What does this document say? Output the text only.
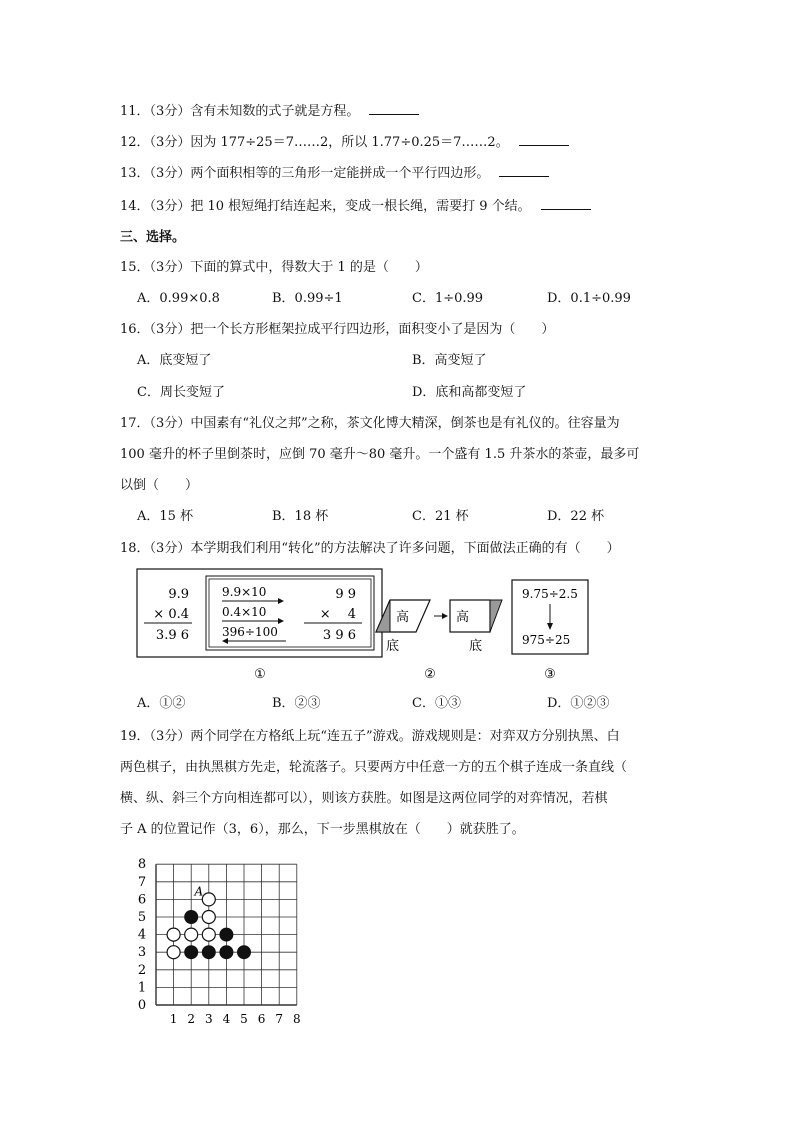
11．（3分）含有未知数的式子就是方程。
12．（3分）因为 177÷25＝7……2，所以 1.77÷0.25＝7……2。
13．（3分）两个面积相等的三角形一定能拼成一个平行四边形。
14．（3分）把 10 根短绳打结连起来，变成一根长绳，需要打 9 个结。
三、选择。
15．（3分）下面的算式中，得数大于 1 的是（　　）
A．0.99×0.8	B．0.99÷1	C．1÷0.99	D．0.1÷0.99
16．（3分）把一个长方形框架拉成平行四边形，面积变小了是因为（　　）
A．底变短了	B．高变短了
C．周长变短了	D．底和高都变短了
17．（3分）中国素有“礼仪之邦”之称，茶文化博大精深，倒茶也是有礼仪的。往容量为
100 毫升的杯子里倒茶时，应倒 70 毫升～80 毫升。一个盛有 1.5 升茶水的茶壶，最多可
以倒（　　）
A．15 杯	B．18 杯	C．21 杯	D．22 杯
18．（3分）本学期我们利用“转化”的方法解决了许多问题，下面做法正确的有（　　）
9.9
× 0.4
3.9 6
9.9×10
0.4×10
396÷100
9 9
×　 4
3 9 6
高
底
高
底
9.75÷2.5
975÷25
①	②	③
A．①②	B．②③	C．①③	D．①②③
19．（3分）两个同学在方格纸上玩“连五子”游戏。游戏规则是：对弈双方分别执黑、白
两色棋子，由执黑棋方先走，轮流落子。只要两方中任意一方的五个棋子连成一条直线（
横、纵、斜三个方向相连都可以），则该方获胜。如图是这两位同学的对弈情况，若棋
子 A 的位置记作（3，6），那么，下一步黑棋放在（　　）就获胜了。
0
1
2
3
4
5
6
7
8
1 2 3 4 5 6 7 8
A
